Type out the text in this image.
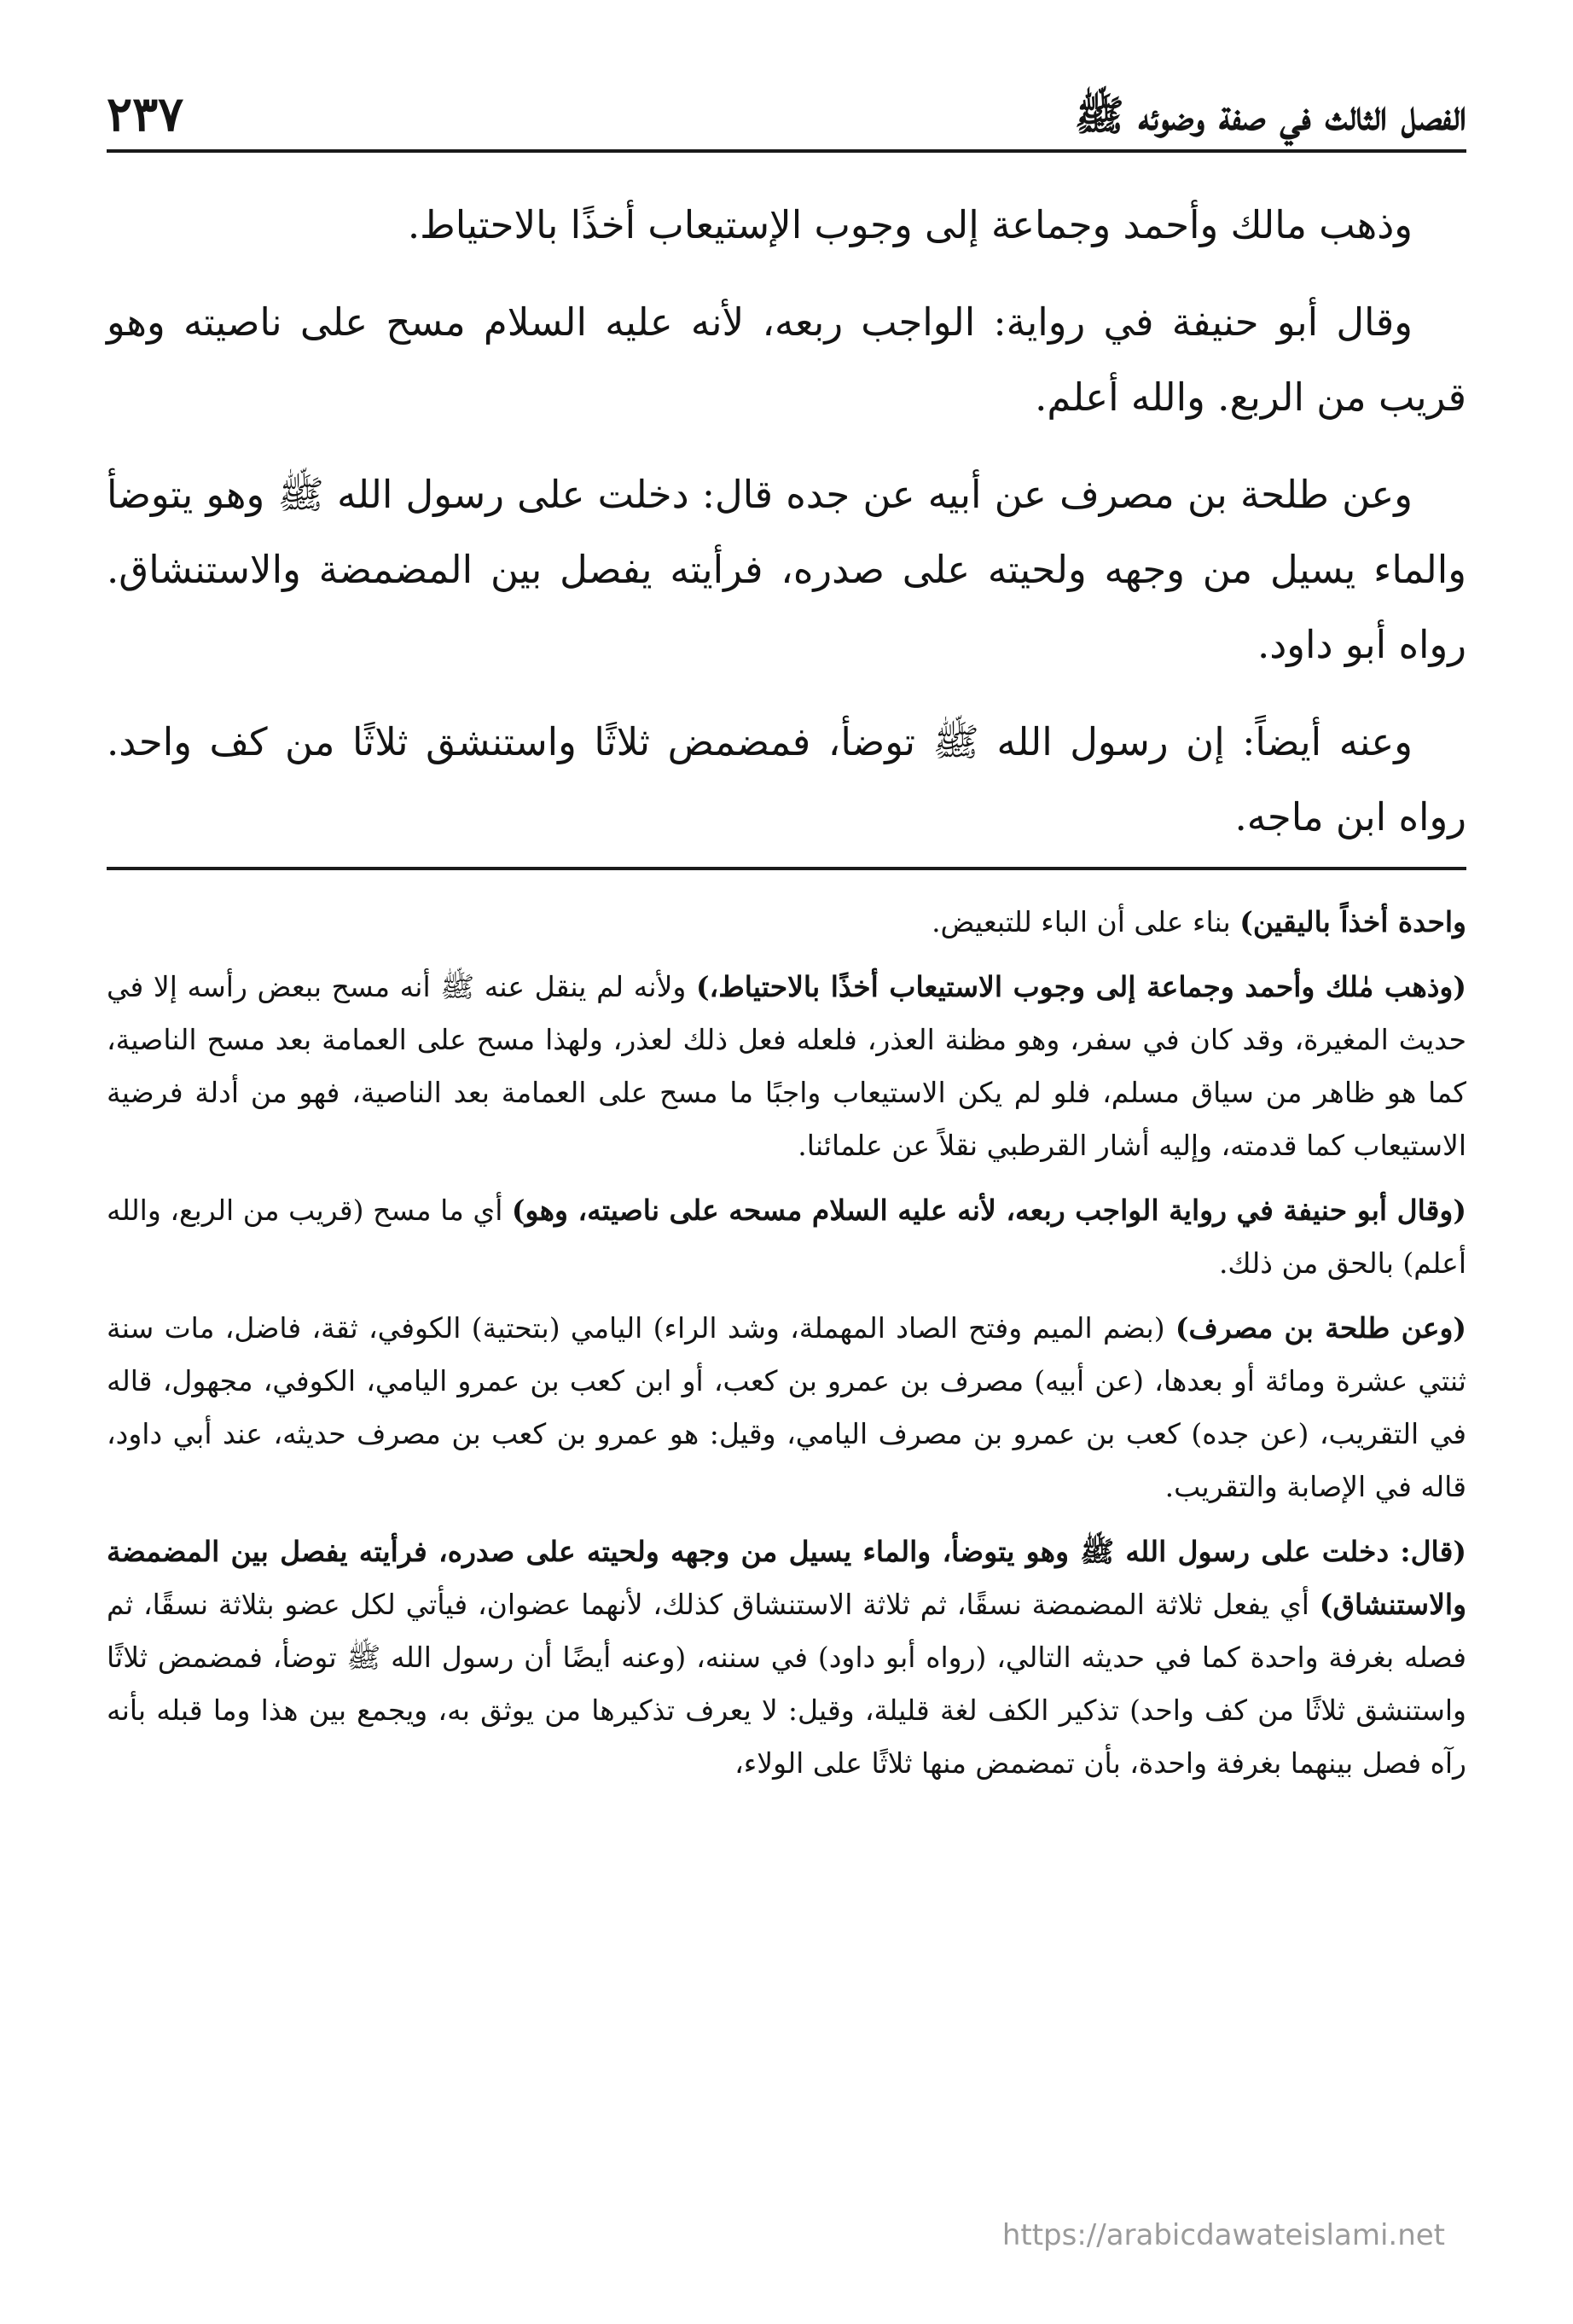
الفصل الثالث في صفة وضوئه ﷺ
٢٣٧

وذهب مالك وأحمد وجماعة إلى وجوب الإستيعاب أخذًا بالاحتياط.

وقال أبو حنيفة في رواية: الواجب ربعه، لأنه عليه السلام مسح على ناصيته وهو قريب من الربع. والله أعلم.

وعن طلحة بن مصرف عن أبيه عن جده قال: دخلت على رسول الله ﷺ وهو يتوضأ والماء يسيل من وجهه ولحيته على صدره، فرأيته يفصل بين المضمضة والاستنشاق. رواه أبو داود.

وعنه أيضاً: إن رسول الله ﷺ توضأ، فمضمض ثلاثًا واستنشق ثلاثًا من كف واحد. رواه ابن ماجه.

واحدة أخذاً باليقين) بناء على أن الباء للتبعيض.

(وذهب مٰلك وأحمد وجماعة إلى وجوب الاستيعاب أخذًا بالاحتياط،) ولأنه لم ينقل عنه ﷺ أنه مسح ببعض رأسه إلا في حديث المغيرة، وقد كان في سفر، وهو مظنة العذر، فلعله فعل ذلك لعذر، ولهذا مسح على العمامة بعد مسح الناصية، كما هو ظاهر من سياق مسلم، فلو لم يكن الاستيعاب واجبًا ما مسح على العمامة بعد الناصية، فهو من أدلة فرضية الاستيعاب كما قدمته، وإليه أشار القرطبي نقلاً عن علمائنا.

(وقال أبو حنيفة في رواية الواجب ربعه، لأنه عليه السلام مسحه على ناصيته، وهو) أي ما مسح (قريب من الربع، والله أعلم) بالحق من ذلك.

(وعن طلحة بن مصرف) (بضم الميم وفتح الصاد المهملة، وشد الراء) اليامي (بتحتية) الكوفي، ثقة، فاضل، مات سنة ثنتي عشرة ومائة أو بعدها، (عن أبيه) مصرف بن عمرو بن كعب، أو ابن كعب بن عمرو اليامي، الكوفي، مجهول، قاله في التقريب، (عن جده) كعب بن عمرو بن مصرف اليامي، وقيل: هو عمرو بن كعب بن مصرف حديثه، عند أبي داود، قاله في الإصابة والتقريب.

(قال: دخلت على رسول الله ﷺ وهو يتوضأ، والماء يسيل من وجهه ولحيته على صدره، فرأيته يفصل بين المضمضة والاستنشاق) أي يفعل ثلاثة المضمضة نسقًا، ثم ثلاثة الاستنشاق كذلك، لأنهما عضوان، فيأتي لكل عضو بثلاثة نسقًا، ثم فصله بغرفة واحدة كما في حديثه التالي، (رواه أبو داود) في سننه، (وعنه أيضًا أن رسول الله ﷺ توضأ، فمضمض ثلاثًا واستنشق ثلاثًا من كف واحد) تذكير الكف لغة قليلة، وقيل: لا يعرف تذكيرها من يوثق به، ويجمع بين هذا وما قبله بأنه رآه فصل بينهما بغرفة واحدة، بأن تمضمض منها ثلاثًا على الولاء،

https://arabicdawateislami.net
